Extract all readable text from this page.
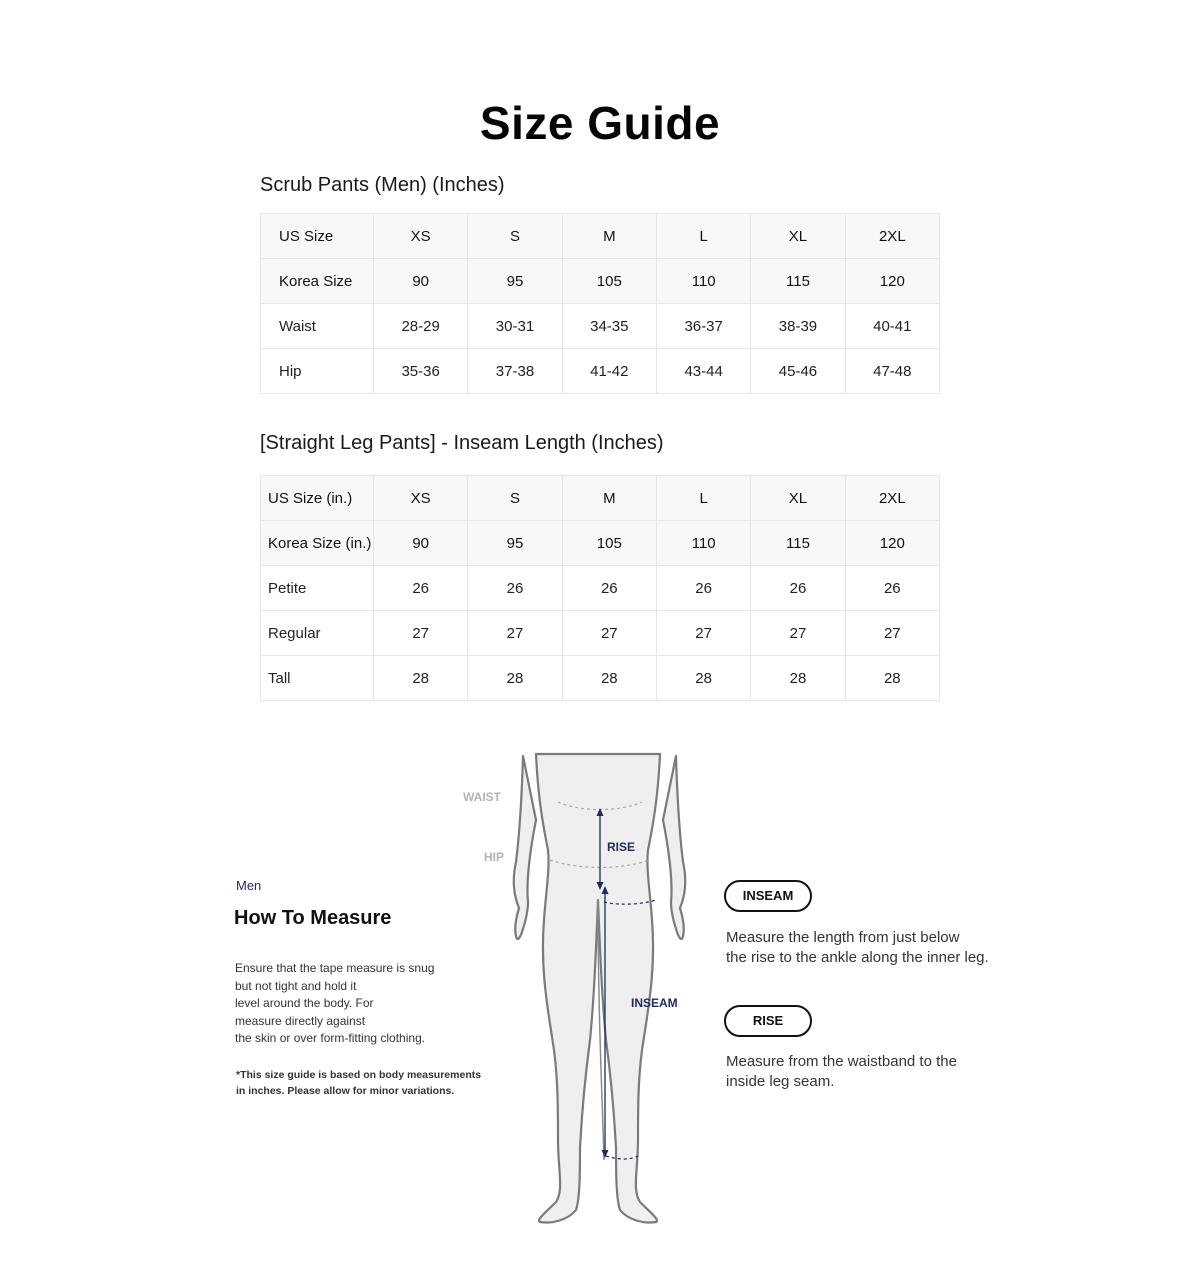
Size Guide
Scrub Pants (Men) (Inches)
US Size	XS	S	M	L	XL	2XL
Korea Size	90	95	105	110	115	120
Waist	28-29	30-31	34-35	36-37	38-39	40-41
Hip	35-36	37-38	41-42	43-44	45-46	47-48
[Straight Leg Pants] - Inseam Length (Inches)
US Size (in.)	XS	S	M	L	XL	2XL
Korea Size (in.)	90	95	105	110	115	120
Petite	26	26	26	26	26	26
Regular	27	27	27	27	27	27
Tall	28	28	28	28	28	28
Men
How To Measure
Ensure that the tape measure is snug
but not tight and hold it
level around the body. For
measure directly against
the skin or over form-fitting clothing.
*This size guide is based on body measurements
in inches. Please allow for minor variations.
WAIST
HIP
RISE
INSEAM
INSEAM
Measure the length from just below
the rise to the ankle along the inner leg.
RISE
Measure from the waistband to the
inside leg seam.
